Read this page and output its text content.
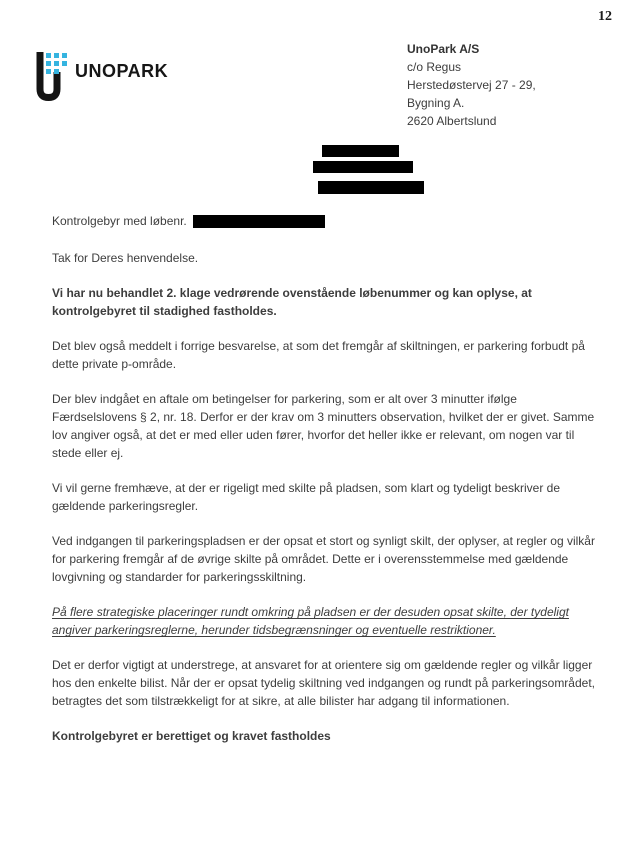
12
UNOPARK
UnoPark A/S
c/o Regus
Herstedøstervej 27 - 29,
Bygning A.
2620 Albertslund
Kontrolgebyr med løbenr.

Tak for Deres henvendelse.

Vi har nu behandlet 2. klage vedrørende ovenstående løbenummer og kan oplyse, at kontrolgebyret til stadighed fastholdes.

Det blev også meddelt i forrige besvarelse, at som det fremgår af skiltningen, er parkering forbudt på dette private p-område.

Der blev indgået en aftale om betingelser for parkering, som er alt over 3 minutter ifølge Færdselslovens § 2, nr. 18. Derfor er der krav om 3 minutters observation, hvilket der er givet. Samme lov angiver også, at det er med eller uden fører, hvorfor det heller ikke er relevant, om nogen var til stede eller ej.

Vi vil gerne fremhæve, at der er rigeligt med skilte på pladsen, som klart og tydeligt beskriver de gældende parkeringsregler.

Ved indgangen til parkeringspladsen er der opsat et stort og synligt skilt, der oplyser, at regler og vilkår for parkering fremgår af de øvrige skilte på området. Dette er i overensstemmelse med gældende lovgivning og standarder for parkeringsskiltning.

På flere strategiske placeringer rundt omkring på pladsen er der desuden opsat skilte, der tydeligt angiver parkeringsreglerne, herunder tidsbegrænsninger og eventuelle restriktioner.

Det er derfor vigtigt at understrege, at ansvaret for at orientere sig om gældende regler og vilkår ligger hos den enkelte bilist. Når der er opsat tydelig skiltning ved indgangen og rundt på parkeringsområdet, betragtes det som tilstrækkeligt for at sikre, at alle bilister har adgang til informationen.

Kontrolgebyret er berettiget og kravet fastholdes
